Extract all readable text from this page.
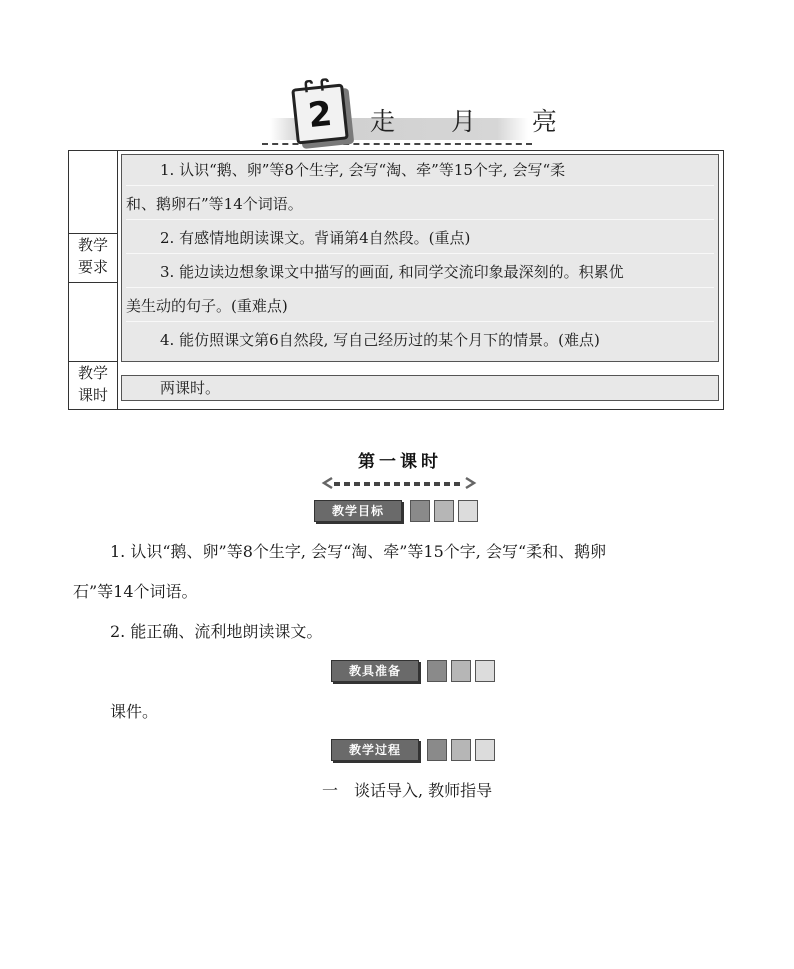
2	走 月 亮
教学
要求
教学
课时
1. 认识“鹅、卵”等8个生字, 会写“淘、牵”等15个字, 会写“柔
和、鹅卵石”等14个词语。
2. 有感情地朗读课文。背诵第4自然段。(重点)
3. 能边读边想象课文中描写的画面, 和同学交流印象最深刻的。积累优
美生动的句子。(重难点)
4. 能仿照课文第6自然段, 写自己经历过的某个月下的情景。(难点)
两课时。
第一课时
教学目标
1. 认识“鹅、卵”等8个生字, 会写“淘、牵”等15个字, 会写“柔和、鹅卵
石”等14个词语。
2. 能正确、流利地朗读课文。
教具准备
课件。
教学过程
一　谈话导入, 教师指导
